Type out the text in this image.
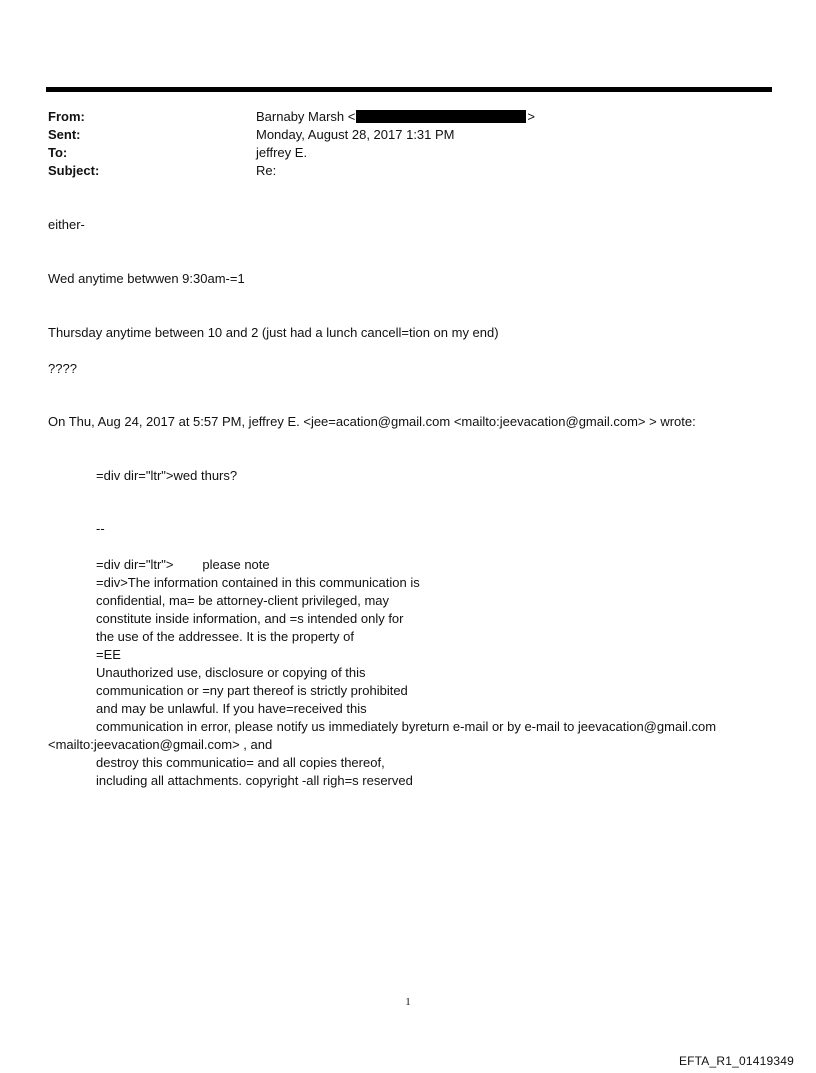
From:	Barnaby Marsh <	>
Sent:	Monday, August 28, 2017 1:31 PM
To:	jeffrey E.
Subject:	Re:
either-
Wed anytime betwwen 9:30am-=1
Thursday anytime between 10 and 2 (just had a lunch cancell=tion on my end)
????
On Thu, Aug 24, 2017 at 5:57 PM, jeffrey E. <jee=acation@gmail.com <mailto:jeevacation@gmail.com> > wrote:
=div dir="ltr">wed thurs?
--
=div dir="ltr">        please note
=div>The information contained in this communication is
confidential, ma= be attorney-client privileged, may
constitute inside information, and =s intended only for
the use of the addressee. It is the property of
=EE
Unauthorized use, disclosure or copying of this
communication or =ny part thereof is strictly prohibited
and may be unlawful. If you have=received this
communication in error, please notify us immediately byreturn e-mail or by e-mail to jeevacation@gmail.com
<mailto:jeevacation@gmail.com> , and
destroy this communicatio= and all copies thereof,
including all attachments. copyright -all righ=s reserved
1
EFTA_R1_01419349
